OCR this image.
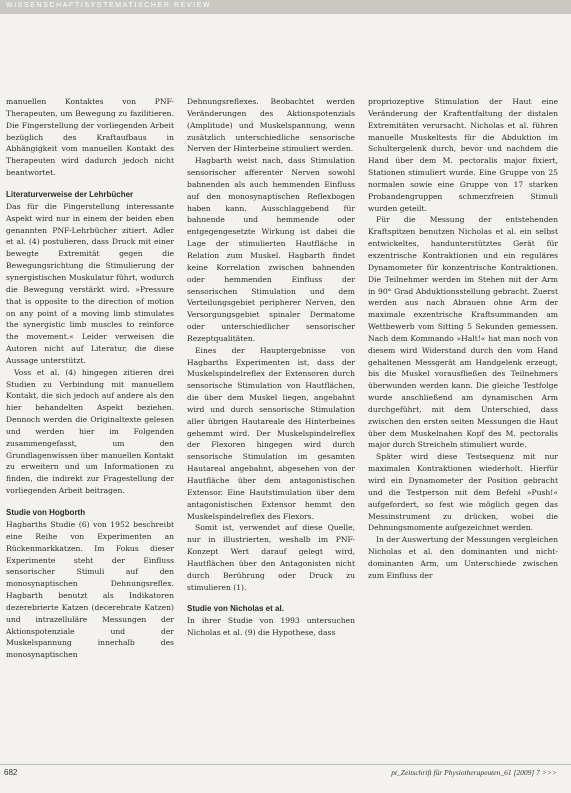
WISSENSCHAFT/SYSTEMATISCHER REVIEW

manuellen Kontaktes von PNF-Therapeuten, um Bewegung zu fazilitieren. Die Fingerstellung der vorliegenden Arbeit bezüglich des Kraftaufbaus in Abhängigkeit vom manuellen Kontakt des Therapeuten wird dadurch jedoch nicht beantwortet.

Literaturverweise der Lehrbücher

Das für die Fingerstellung interessante Aspekt wird nur in einem der beiden eben genannten PNF-Lehrbücher zitiert. Adler et al. (4) postulieren, dass Druck mit einer bewegte Extremität gegen die Bewegungsrichtung die Stimulierung der synergistischen Muskulatur führt, wodurch die Bewegung verstärkt wird. »Pressure that is opposite to the direction of motion on any point of a moving limb stimulates the synergistic limb muscles to reinforce the movement.« Leider verweisen die Autoren nicht auf Literatur, die diese Aussage unterstützt.

Voss et al. (4) hingegen zitieren drei Studien zu Verbindung mit manuellem Kontakt, die sich jedoch auf andere als den hier behandelten Aspekt beziehen. Dennoch werden die Originaltexte gelesen und werden hier im Folgenden zusammengefasst, um den Grundlagenwissen über manuellen Kontakt zu erweitern und um Informationen zu finden, die indirekt zur Fragestellung der vorliegenden Arbeit beitragen.

Studie von Hogborth

Hagbarths Studie (6) von 1952 beschreibt eine Reihe von Experimenten an Rückenmarkkatzen. Im Fokus dieser Experimente steht der Einfluss sensorischer Stimuli auf den monosynaptischen Dehnungsreflex. Hagbarth benutzt als Indikatoren dezerebrierte Katzen (decerebrate Katzen) und intrazelluläre Messungen der Aktionspotenziale und der Muskelspannung innerhalb des monosynaptischen

Dehnungsreflexes. Beobachtet werden Veränderungen des Aktionspotenzials (Amplitude) und Muskelspannung, wenn zusätzlich unterschiedliche sensorische Nerven der Hinterbeine stimuliert werden.

Hagbarth weist nach, dass Stimulation sensorischer afferenter Nerven sowohl bahnenden als auch hemmenden Einfluss auf den monosynaptischen Reflexbogen haben kann. Ausschlaggebend für bahnende und hemmende oder entgegengesetzte Wirkung ist dabei die Lage der stimulierten Hautfläche in Relation zum Muskel. Hagbarth findet keine Korrelation zwischen bahnenden oder hemmenden Einfluss der sensorischen Stimulation und dem Verteilungsgebiet peripherer Nerven, den Versorgungsgebiet spinaler Dermatome oder unterschiedlicher sensorischer Rezeptqualitäten.

Eines der Hauptergebnisse von Hagbarths Experimenten ist, dass der Muskelspindelreflex der Extensoren durch sensorische Stimulation von Hautflächen, die über dem Muskel liegen, angebahnt wird und durch sensorische Stimulation aller übrigen Hautareale des Hinterbeines gehemmt wird. Der Muskelspindelreflex der Flexoren hingegen wird durch sensorische Stimulation im gesamten Hautareal angebahnt, abgesehen von der Hautfläche über dem antagonistischen Extensor. Eine Hautstimulation über dem antagonistischen Extensor hemmt den Muskelspindelreflex des Flexors.

Somit ist, verwendet auf diese Quelle, nur in illustrierten, weshalb im PNF-Konzept Wert darauf gelegt wird, Hautflächen über den Antagonisten nicht durch Berührung oder Druck zu stimulieren (1).

Studie von Nicholas et al.

In ihrer Studie von 1993 untersuchen Nicholas et al. (9) die Hypothese, dass

propriozeptive Stimulation der Haut eine Veränderung der Kraftentfaltung der distalen Extremitäten verursacht. Nicholas et al. führen manuelle Muskeltests für die Abduktion im Schultergelenk durch, bevor und nachdem die Hand über dem M. pectoralis major fixiert, Stationen stimuliert wurde. Eine Gruppe von 25 normalen sowie eine Gruppe von 17 starken Probandengruppen schmerzfreien Stimuli wurden geteilt.

Für die Messung der entstehenden Kraftspitzen benutzen Nicholas et al. ein selbst entwickeltes, handunterstütztes Gerät für exzentrische Kontraktionen und ein reguläres Dynamometer für konzentrische Kontraktionen. Die Teilnehmer werden im Stehen mit der Arm in 90° Grad Abduktionsstellung gebracht. Zuerst werden aus nach Abrauen ohne Arm der maximale exzentrische Kraftsummanden am Wettbewerb vom Sitting 5 Sekunden gemessen. Nach dem Kommando »Halt!« hat man noch von diesem wird Widerstand durch den vom Hand gehaltenen Messgerät am Handgelenk erzeugt, bis die Muskel vorausfließen des Teilnehmers überwunden werden kann. Die gleiche Testfolge wurde anschließend am dynamischen Arm durchgeführt, mit dem Unterschied, dass zwischen den ersten seiten Messungen die Haut über dem Muskelnahen Kopf des M. pectoralis major durch Streicheln stimuliert wurde.

Später wird diese Testsequenz mit nur maximalen Kontraktionen wiederholt. Hierfür wird ein Dynamometer der Position gebracht und die Testperson mit dem Befehl »Push!« aufgefordert, so fest wie möglich gegen das Messinstrument zu drücken, wobei die Dehnungsmomente aufgezeichnet werden.

In der Auswertung der Messungen vergleichen Nicholas et al. den dominanten und nicht-dominanten Arm, um Unterschiede zwischen zum Einfluss der

682	pt_Zeitschrift für Physiotherapeuten_61 [2009] 7 >>>
